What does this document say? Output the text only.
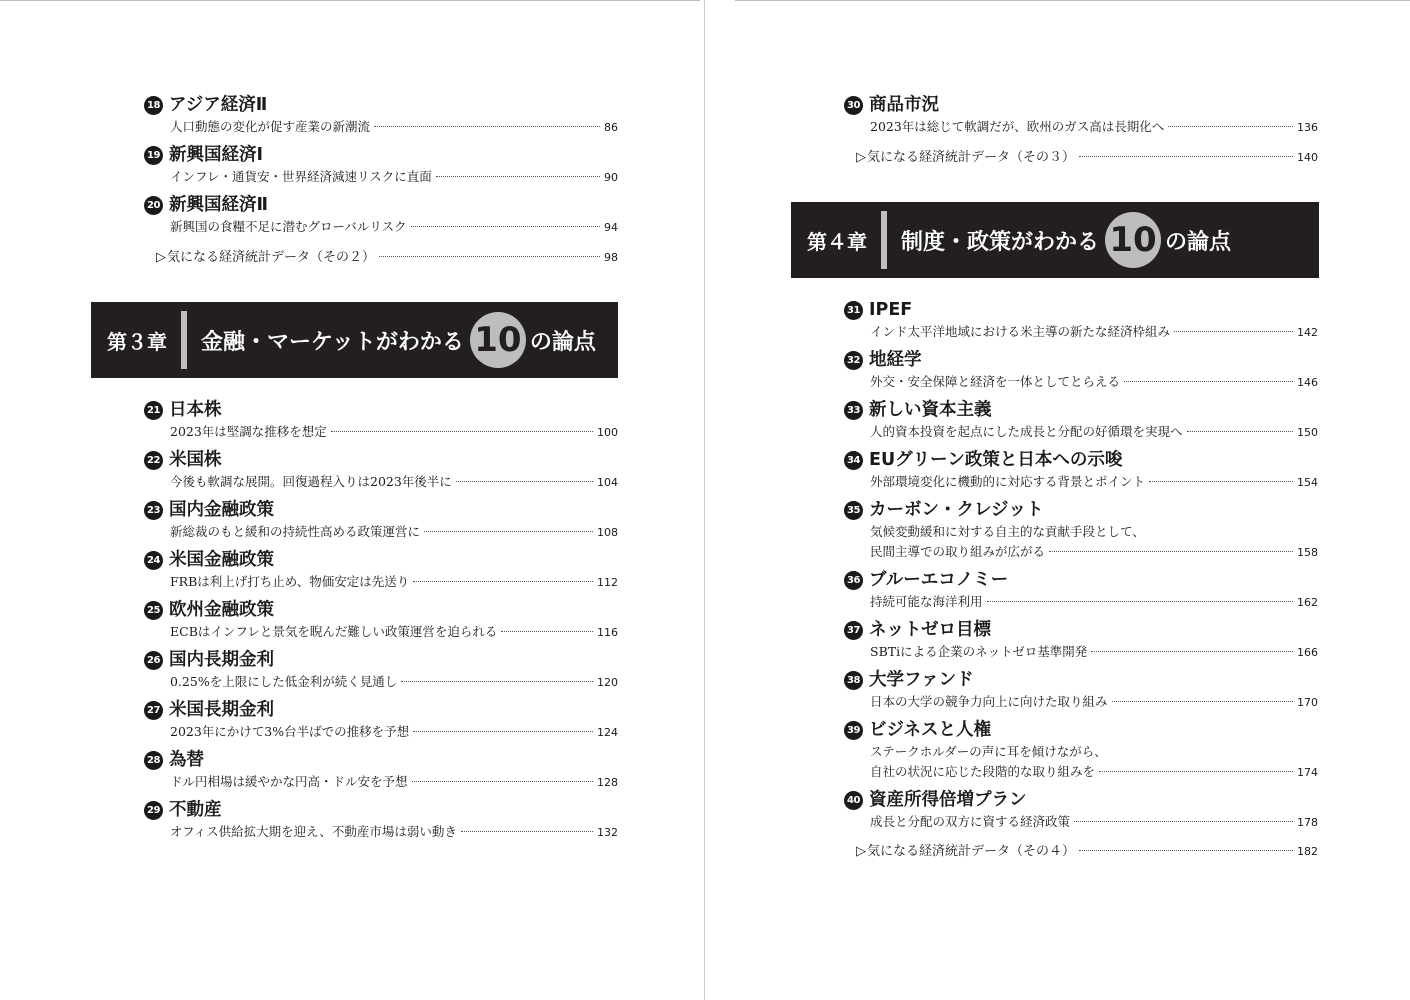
18 アジア経済Ⅱ
人口動態の変化が促す産業の新潮流	86
19 新興国経済Ⅰ
インフレ・通貨安・世界経済減速リスクに直面	90
20 新興国経済Ⅱ
新興国の食糧不足に潜むグローバルリスク	94
▷ 気になる経済統計データ（その２）	98
第３章	金融・マーケットがわかる 10 の論点
21 日本株
2023年は堅調な推移を想定	100
22 米国株
今後も軟調な展開。回復過程入りは2023年後半に	104
23 国内金融政策
新総裁のもと緩和の持続性高める政策運営に	108
24 米国金融政策
FRBは利上げ打ち止め、物価安定は先送り	112
25 欧州金融政策
ECBはインフレと景気を睨んだ難しい政策運営を迫られる	116
26 国内長期金利
0.25%を上限にした低金利が続く見通し	120
27 米国長期金利
2023年にかけて3%台半ばでの推移を予想	124
28 為替
ドル円相場は緩やかな円高・ドル安を予想	128
29 不動産
オフィス供給拡大期を迎え、不動産市場は弱い動き	132
30 商品市況
2023年は総じて軟調だが、欧州のガス高は長期化へ	136
▷ 気になる経済統計データ（その３）	140
第４章	制度・政策がわかる 10 の論点
31 IPEF
インド太平洋地域における米主導の新たな経済枠組み	142
32 地経学
外交・安全保障と経済を一体としてとらえる	146
33 新しい資本主義
人的資本投資を起点にした成長と分配の好循環を実現へ	150
34 EUグリーン政策と日本への示唆
外部環境変化に機動的に対応する背景とポイント	154
35 カーボン・クレジット
気候変動緩和に対する自主的な貢献手段として、
民間主導での取り組みが広がる	158
36 ブルーエコノミー
持続可能な海洋利用	162
37 ネットゼロ目標
SBTiによる企業のネットゼロ基準開発	166
38 大学ファンド
日本の大学の競争力向上に向けた取り組み	170
39 ビジネスと人権
ステークホルダーの声に耳を傾けながら、
自社の状況に応じた段階的な取り組みを	174
40 資産所得倍増プラン
成長と分配の双方に資する経済政策	178
▷ 気になる経済統計データ（その４）	182
